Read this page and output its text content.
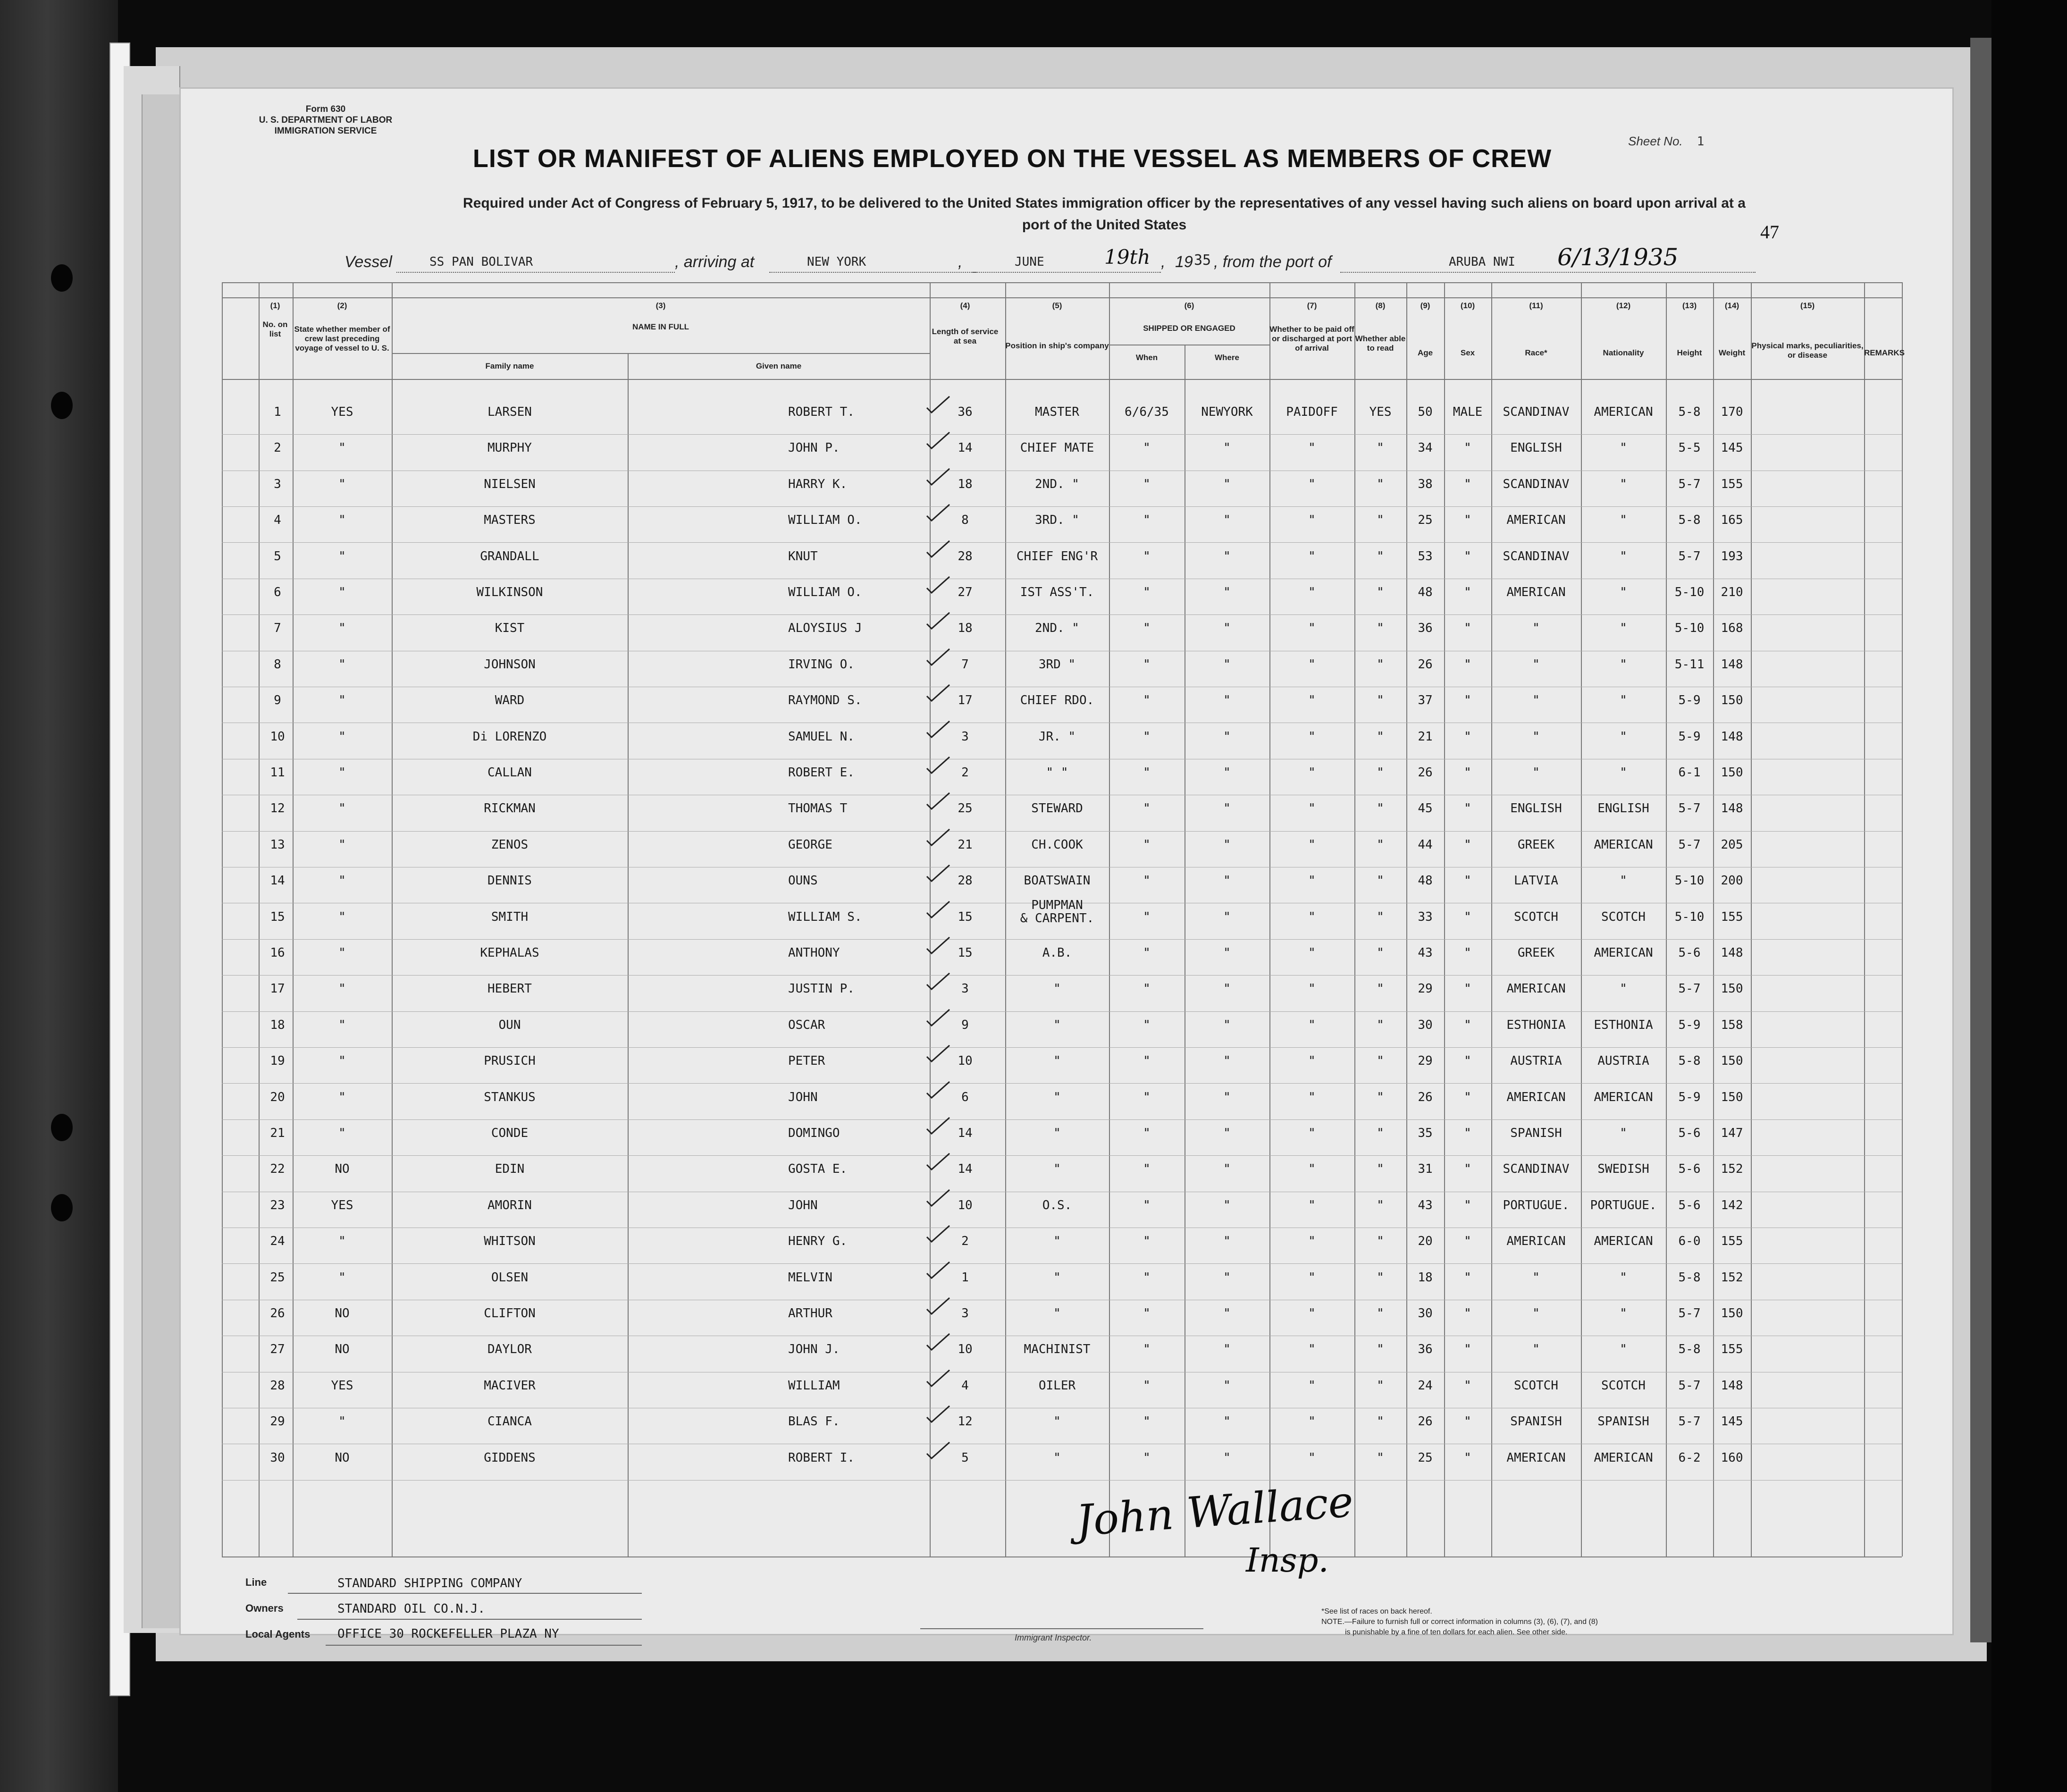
Form 630
U. S. DEPARTMENT OF LABOR
IMMIGRATION SERVICE
Sheet No. 1
LIST OR MANIFEST OF ALIENS EMPLOYED ON THE VESSEL AS MEMBERS OF CREW
Required under Act of Congress of February 5, 1917, to be delivered to the United States immigration officer by the representatives of any vessel having such aliens on board upon arrival at a
port of the United States	47
Vessel	SS PAN BOLIVAR	, arriving at	NEW YORK	,	JUNE	19th , 19 35 , from the port of	ARUBA NWI 6/13/1935
No. on list
State whether member of crew last preceding voyage of vessel to U. S.
NAME IN FULL
Family name	Given name
Length of service at sea
Position in ship's company
SHIPPED OR ENGAGED
When	Where
Whether to be paid off or discharged at port of arrival
Whether able to read
Age	Sex	Race*	Nationality	Height	Weight
Physical marks, peculiarities, or disease	REMARKS
(1)	(2)	(3)	(4)	(5)	(6)	(7)	(8)	(9)	(10)	(11)	(12)	(13)	(14)	(15)
1	YES	LARSEN	ROBERT T.	36	MASTER	6/6/35	NEWYORK	PAIDOFF	YES	50	MALE	SCANDINAV	AMERICAN	5-8	170
2	"	MURPHY	JOHN P.	14	CHIEF MATE	"	"	"	"	34	"	ENGLISH	"	5-5	145
3	"	NIELSEN	HARRY K.	18	2ND. "	"	"	"	"	38	"	SCANDINAV	"	5-7	155
4	"	MASTERS	WILLIAM O.	8	3RD. "	"	"	"	"	25	"	AMERICAN	"	5-8	165
5	"	GRANDALL	KNUT	28	CHIEF ENG'R	"	"	"	"	53	"	SCANDINAV	"	5-7	193
6	"	WILKINSON	WILLIAM O.	27	IST ASS'T.	"	"	"	"	48	"	AMERICAN	"	5-10	210
7	"	KIST	ALOYSIUS J	18	2ND. "	"	"	"	"	36	"	"	"	5-10	168
8	"	JOHNSON	IRVING O.	7	3RD "	"	"	"	"	26	"	"	"	5-11	148
9	"	WARD	RAYMOND S.	17	CHIEF RDO.	"	"	"	"	37	"	"	"	5-9	150
10	"	Di LORENZO	SAMUEL N.	3	JR. "	"	"	"	"	21	"	"	"	5-9	148
11	"	CALLAN	ROBERT E.	2	" "	"	"	"	"	26	"	"	"	6-1	150
12	"	RICKMAN	THOMAS T	25	STEWARD	"	"	"	"	45	"	ENGLISH	ENGLISH	5-7	148
13	"	ZENOS	GEORGE	21	CH.COOK	"	"	"	"	44	"	GREEK	AMERICAN	5-7	205
14	"	DENNIS	OUNS	28	BOATSWAIN	"	"	"	"	48	"	LATVIA	"	5-10	200
15	"	SMITH	WILLIAM S.	15
PUMPMAN
& CARPENT.	"	"	"	"	33	"	SCOTCH	SCOTCH	5-10	155
16	"	KEPHALAS	ANTHONY	15	A.B.	"	"	"	"	43	"	GREEK	AMERICAN	5-6	148
17	"	HEBERT	JUSTIN P.	3	"	"	"	"	"	29	"	AMERICAN	"	5-7	150
18	"	OUN	OSCAR	9	"	"	"	"	"	30	"	ESTHONIA	ESTHONIA	5-9	158
19	"	PRUSICH	PETER	10	"	"	"	"	"	29	"	AUSTRIA	AUSTRIA	5-8	150
20	"	STANKUS	JOHN	6	"	"	"	"	"	26	"	AMERICAN	AMERICAN	5-9	150
21	"	CONDE	DOMINGO	14	"	"	"	"	"	35	"	SPANISH	"	5-6	147
22	NO	EDIN	GOSTA E.	14	"	"	"	"	"	31	"	SCANDINAV	SWEDISH	5-6	152
23	YES	AMORIN	JOHN	10	O.S.	"	"	"	"	43	"	PORTUGUE.	PORTUGUE.	5-6	142
24	"	WHITSON	HENRY G.	2	"	"	"	"	"	20	"	AMERICAN	AMERICAN	6-0	155
25	"	OLSEN	MELVIN	1	"	"	"	"	"	18	"	"	"	5-8	152
26	NO	CLIFTON	ARTHUR	3	"	"	"	"	"	30	"	"	"	5-7	150
27	NO	DAYLOR	JOHN J.	10	MACHINIST	"	"	"	"	36	"	"	"	5-8	155
28	YES	MACIVER	WILLIAM	4	OILER	"	"	"	"	24	"	SCOTCH	SCOTCH	5-7	148
29	"	CIANCA	BLAS F.	12	"	"	"	"	"	26	"	SPANISH	SPANISH	5-7	145
30	NO	GIDDENS	ROBERT I.	5	"	"	"	"	"	25	"	AMERICAN	AMERICAN	6-2	160
John Wallace
Insp.
Line	STANDARD SHIPPING COMPANY
Owners	STANDARD OIL CO.N.J.
Local Agents OFFICE 30 ROCKEFELLER PLAZA NY	Immigrant Inspector.
*See list of races on back hereof.
NOTE.—Failure to furnish full or correct information in columns (3), (6), (7), and (8)
is punishable by a fine of ten dollars for each alien. See other side.
